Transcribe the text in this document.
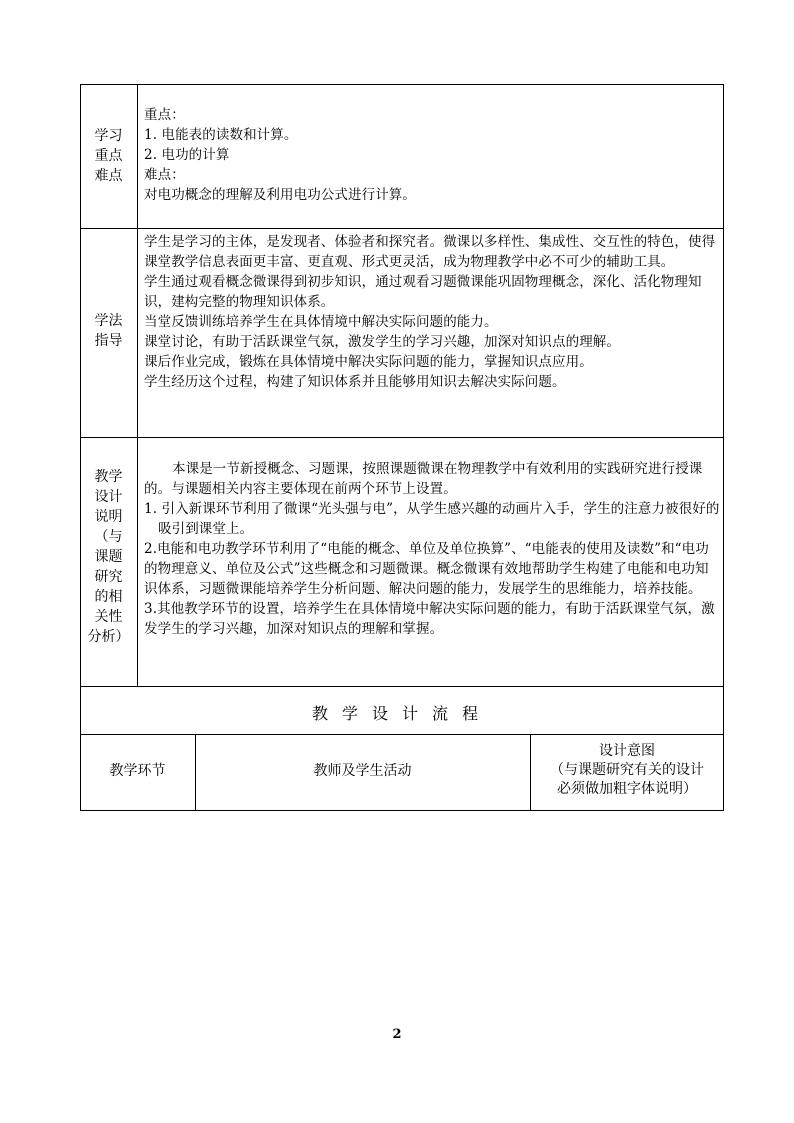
学习
重点
难点

重点：

1. 电能表的读数和计算。

2. 电功的计算

难点：

对电功概念的理解及利用电功公式进行计算。

学法
指导

学生是学习的主体，是发现者、体验者和探究者。微课以多样性、集成性、交互性的特色，使得课堂教学信息表面更丰富、更直观、形式更灵活，成为物理教学中必不可少的辅助工具。

学生通过观看概念微课得到初步知识，通过观看习题微课能巩固物理概念，深化、活化物理知识，建构完整的物理知识体系。

当堂反馈训练培养学生在具体情境中解决实际问题的能力。

课堂讨论，有助于活跃课堂气氛，激发学生的学习兴趣，加深对知识点的理解。

课后作业完成，锻炼在具体情境中解决实际问题的能力，掌握知识点应用。

学生经历这个过程，构建了知识体系并且能够用知识去解决实际问题。

教学
设计
说明
（与
课题
研究
的相
关性
分析）

本课是一节新授概念、习题课，按照课题微课在物理教学中有效利用的实践研究进行授课的。与课题相关内容主要体现在前两个环节上设置。

1. 引入新课环节利用了微课“光头强与电”，从学生感兴趣的动画片入手，学生的注意力被很好的吸引到课堂上。

2.电能和电功教学环节利用了“电能的概念、单位及单位换算”、“电能表的使用及读数”和“电功的物理意义、单位及公式”这些概念和习题微课。概念微课有效地帮助学生构建了电能和电功知识体系，习题微课能培养学生分析问题、解决问题的能力，发展学生的思维能力，培养技能。

3.其他教学环节的设置，培养学生在具体情境中解决实际问题的能力，有助于活跃课堂气氛，激发学生的学习兴趣，加深对知识点的理解和掌握。

教学设计流程
教学环节	教师及学生活动
设计意图
（与课题研究有关的设计
必须做加粗字体说明）
2
